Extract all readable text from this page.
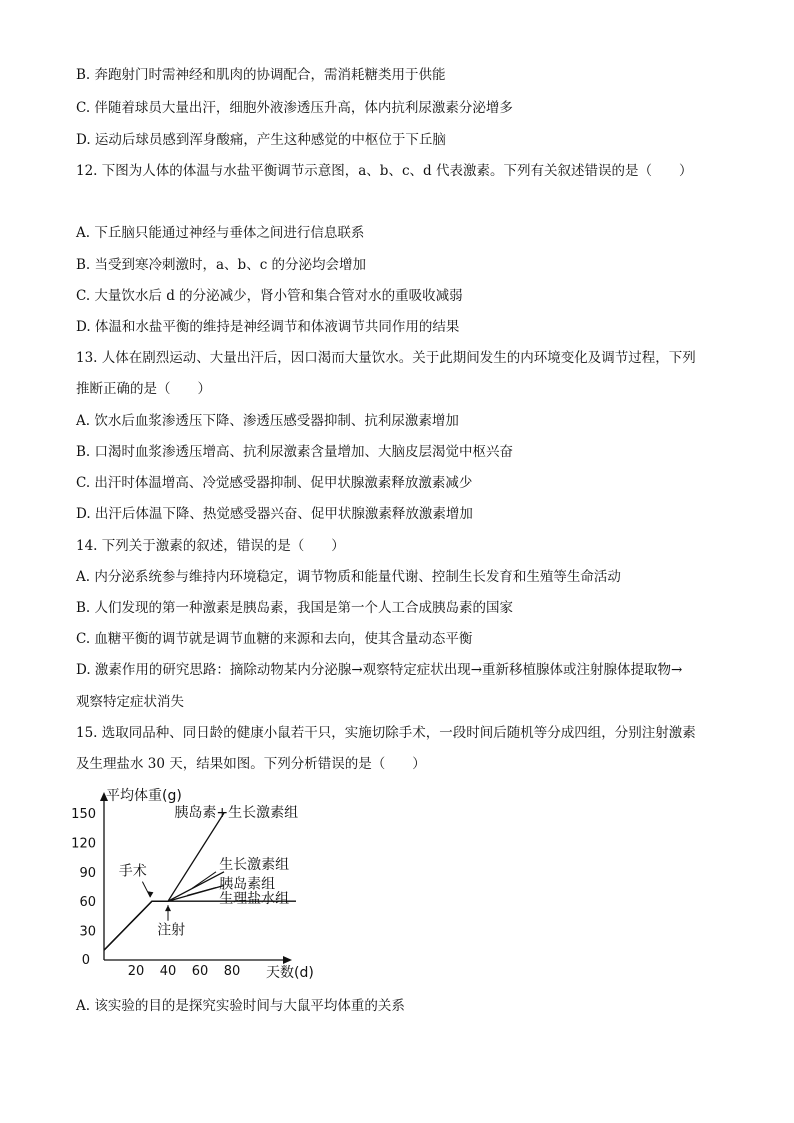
B. 奔跑射门时需神经和肌肉的协调配合，需消耗糖类用于供能
C. 伴随着球员大量出汗，细胞外液渗透压升高，体内抗利尿激素分泌增多
D. 运动后球员感到浑身酸痛，产生这种感觉的中枢位于下丘脑
12. 下图为人体的体温与水盐平衡调节示意图，a、b、c、d 代表激素。下列有关叙述错误的是（　　）
A. 下丘脑只能通过神经与垂体之间进行信息联系
B. 当受到寒冷刺激时，a、b、c 的分泌均会增加
C. 大量饮水后 d 的分泌减少，肾小管和集合管对水的重吸收减弱
D. 体温和水盐平衡的维持是神经调节和体液调节共同作用的结果
13. 人体在剧烈运动、大量出汗后，因口渴而大量饮水。关于此期间发生的内环境变化及调节过程，下列
推断正确的是（　　）
A. 饮水后血浆渗透压下降、渗透压感受器抑制、抗利尿激素增加
B. 口渴时血浆渗透压增高、抗利尿激素含量增加、大脑皮层渴觉中枢兴奋
C. 出汗时体温增高、冷觉感受器抑制、促甲状腺激素释放激素减少
D. 出汗后体温下降、热觉感受器兴奋、促甲状腺激素释放激素增加
14. 下列关于激素的叙述，错误的是（　　）
A. 内分泌系统参与维持内环境稳定，调节物质和能量代谢、控制生长发育和生殖等生命活动
B. 人们发现的第一种激素是胰岛素，我国是第一个人工合成胰岛素的国家
C. 血糖平衡的调节就是调节血糖的来源和去向，使其含量动态平衡
D. 激素作用的研究思路：摘除动物某内分泌腺→观察特定症状出现→重新移植腺体或注射腺体提取物→
观察特定症状消失
15. 选取同品种、同日龄的健康小鼠若干只，实施切除手术，一段时间后随机等分成四组，分别注射激素
及生理盐水 30 天，结果如图。下列分析错误的是（　　）
平均体重(g)
天数(d)
0
30
60
90
120
150
20 40 60 80
胰岛素+生长激素组
生长激素组
胰岛素组
生理盐水组
手术
注射
A. 该实验的目的是探究实验时间与大鼠平均体重的关系
